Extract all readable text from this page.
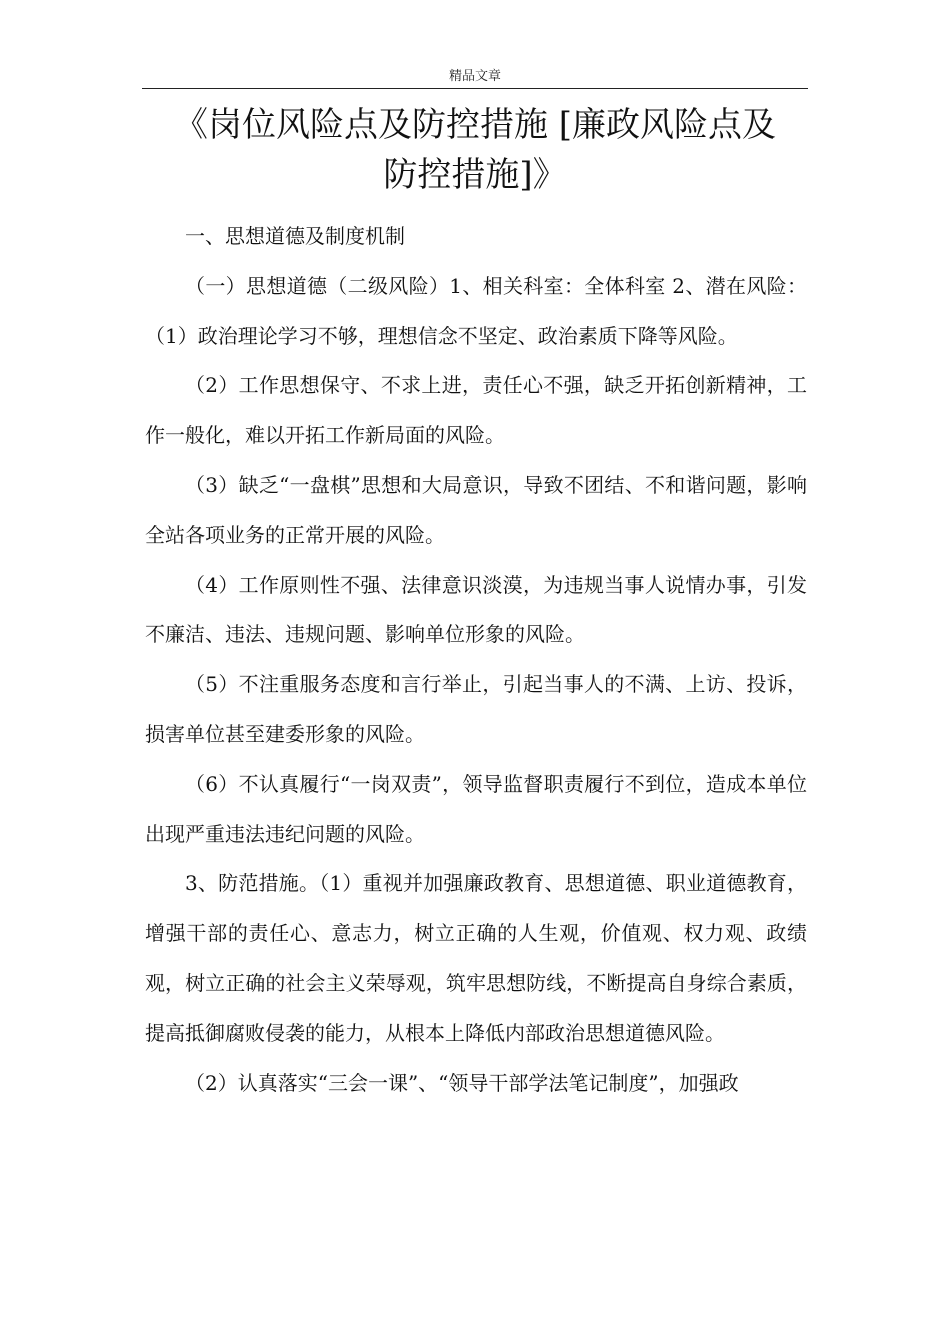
精品文章
《岗位风险点及防控措施 [廉政风险点及
防控措施]》

一、思想道德及制度机制

（一）思想道德（二级风险）1、相关科室：全体科室 2、潜在风险：（1）政治理论学习不够，理想信念不坚定、政治素质下降等风险。

（2）工作思想保守、不求上进，责任心不强，缺乏开拓创新精神，工作一般化，难以开拓工作新局面的风险。

（3）缺乏“一盘棋”思想和大局意识，导致不团结、不和谐问题，影响全站各项业务的正常开展的风险。

（4）工作原则性不强、法律意识淡漠，为违规当事人说情办事，引发不廉洁、违法、违规问题、影响单位形象的风险。

（5）不注重服务态度和言行举止，引起当事人的不满、上访、投诉，损害单位甚至建委形象的风险。

（6）不认真履行“一岗双责”，领导监督职责履行不到位，造成本单位出现严重违法违纪问题的风险。

3、防范措施。（1）重视并加强廉政教育、思想道德、职业道德教育，增强干部的责任心、意志力，树立正确的人生观，价值观、权力观、政绩观，树立正确的社会主义荣辱观，筑牢思想防线，不断提高自身综合素质，提高抵御腐败侵袭的能力，从根本上降低内部政治思想道德风险。

（2）认真落实“三会一课”、“领导干部学法笔记制度”，加强政
